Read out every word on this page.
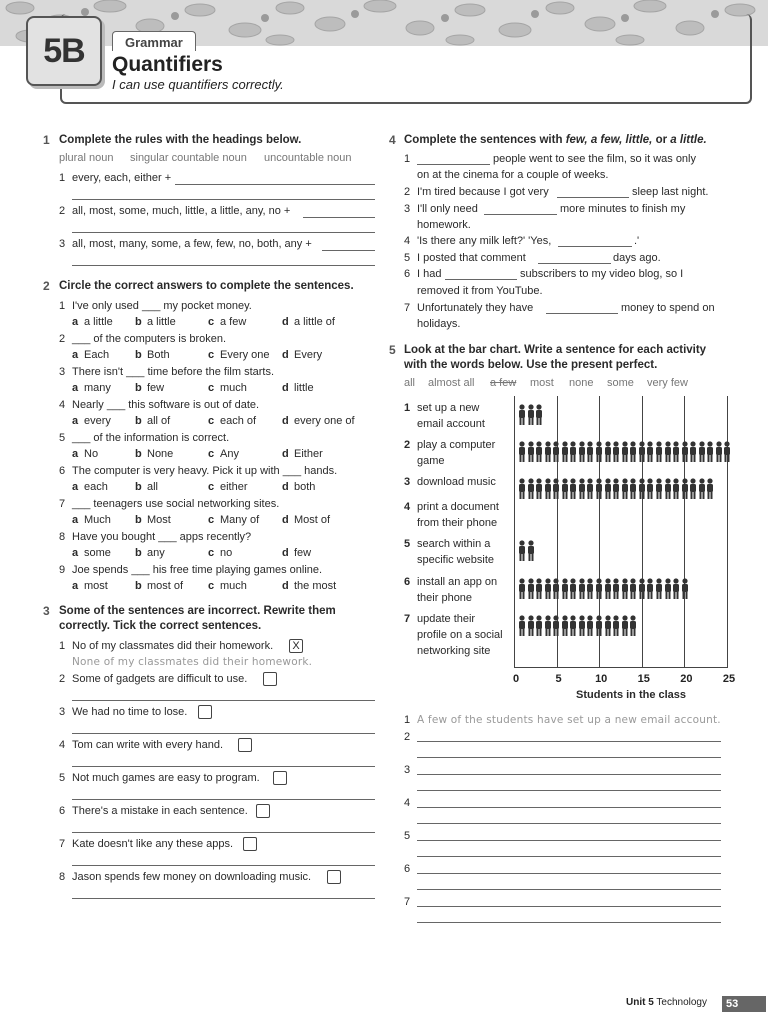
5B	Grammar
Quantifiers
I can use quantifiers correctly.
1 Complete the rules with the headings below.
plural noun singular countable noun uncountable noun
1 every, each, either +
2 all, most, some, much, little, a little, any, no +
3 all, most, many, some, a few, few, no, both, any +
2 Circle the correct answers to complete the sentences.
1 I've only used ___ my pocket money.
a a little b a little	c a few	d a little of
2 ___ of the computers is broken.
a Each b Both	c Every one d Every
3 There isn't ___ time before the film starts.
a many b few	c much	d little
4 Nearly ___ this software is out of date.
a every b all of	c each of d every one of
5 ___ of the information is correct.
a No	b None	c Any	d Either
6 The computer is very heavy. Pick it up with ___ hands.
a each b all	c either	d both
7 ___ teenagers use social networking sites.
a Much b Most	c Many of d Most of
8 Have you bought ___ apps recently?
a some b any	c no	d few
9 Joe spends ___ his free time playing games online.
a most b most of c much	d the most
3 Some of the sentences are incorrect. Rewrite them
correctly. Tick the correct sentences.
1 No of my classmates did their homework.	X
2 Some of gadgets are difficult to use.
3 We had no time to lose.
4 Tom can write with every hand.
5 Not much games are easy to program.
6 There's a mistake in each sentence.
7 Kate doesn't like any these apps.
8 Jason spends few money on downloading music.
None of my classmates did their homework.
4 Complete the sentences with few, a few, little, or a little.
1	people went to see the film, so it was only
on at the cinema for a couple of weeks.
2 I'm tired because I got very	sleep last night.
3 I'll only need	more minutes to finish my
homework.
4 'Is there any milk left?' 'Yes,	.'
5 I posted that comment	days ago.
6 I had	subscribers to my video blog, so I
removed it from YouTube.
7 Unfortunately they have	money to spend on
holidays.
5 Look at the bar chart. Write a sentence for each activity
with the words below. Use the present perfect.
all almost all a few most none some very few
1 set up a new
email account
2 play a computer
game
3 download music
4 print a document
from their phone
5 search within a
specific website
6 install an app on
their phone
7 update their
profile on a social
networking site
0	5	10	15	20	25
Students in the class
1 A few of the students have set up a new email account.
2
3
4
5
6
7
Unit 5 Technology	53
